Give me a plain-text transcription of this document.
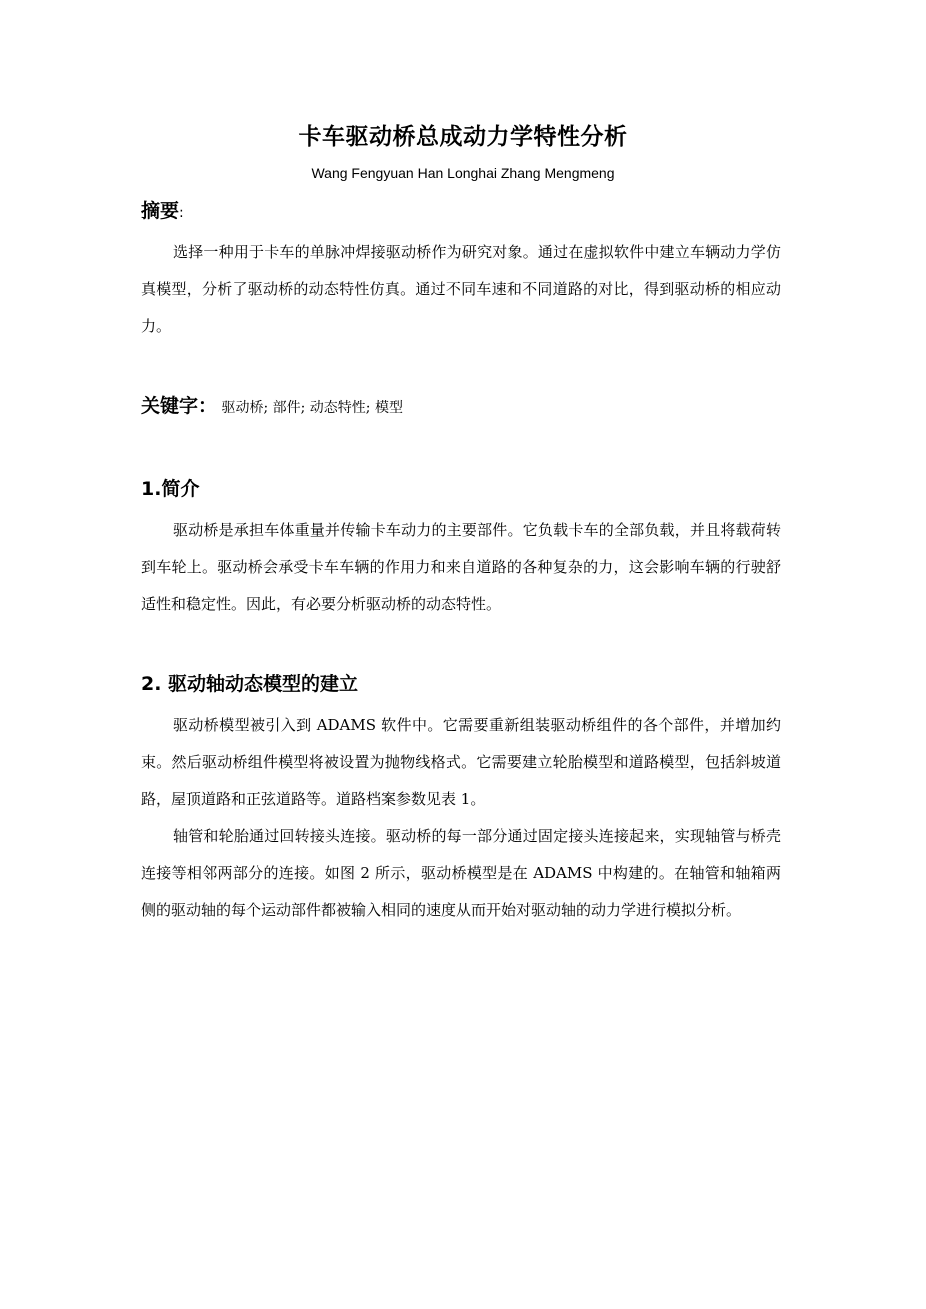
卡车驱动桥总成动力学特性分析
Wang Fengyuan Han Longhai Zhang Mengmeng
摘要:
选择一种用于卡车的单脉冲焊接驱动桥作为研究对象。通过在虚拟软件中建立车辆动力学仿真模型，分析了驱动桥的动态特性仿真。通过不同车速和不同道路的对比，得到驱动桥的相应动力。
关键字： 驱动桥; 部件; 动态特性; 模型
1.简介
驱动桥是承担车体重量并传输卡车动力的主要部件。它负载卡车的全部负载，并且将载荷转到车轮上。驱动桥会承受卡车车辆的作用力和来自道路的各种复杂的力，这会影响车辆的行驶舒适性和稳定性。因此，有必要分析驱动桥的动态特性。
2. 驱动轴动态模型的建立
驱动桥模型被引入到 ADAMS 软件中。它需要重新组装驱动桥组件的各个部件，并增加约束。然后驱动桥组件模型将被设置为抛物线格式。它需要建立轮胎模型和道路模型，包括斜坡道路，屋顶道路和正弦道路等。道路档案参数见表 1。
轴管和轮胎通过回转接头连接。驱动桥的每一部分通过固定接头连接起来，实现轴管与桥壳连接等相邻两部分的连接。如图 2 所示，驱动桥模型是在 ADAMS 中构建的。在轴管和轴箱两侧的驱动轴的每个运动部件都被输入相同的速度从而开始对驱动轴的动力学进行模拟分析。
